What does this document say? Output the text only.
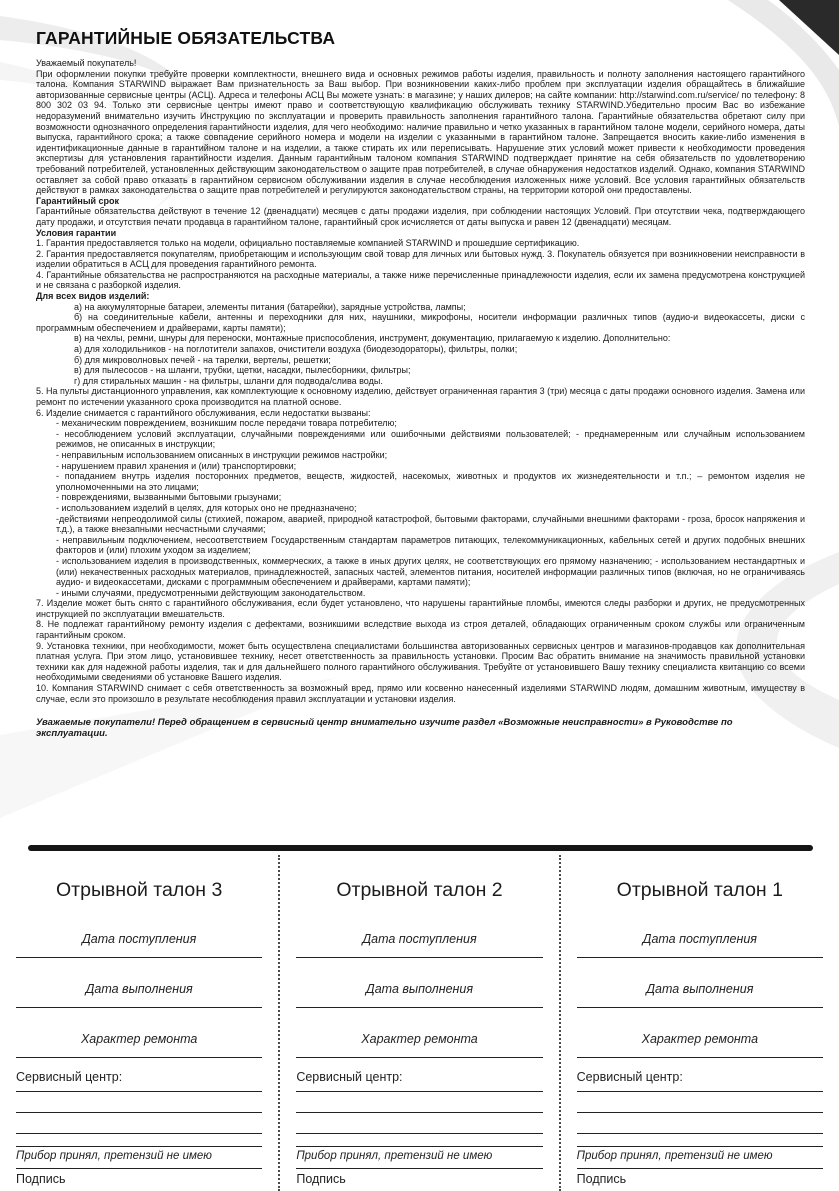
ГАРАНТИЙНЫЕ ОБЯЗАТЕЛЬСТВА

Уважаемый покупатель!

При оформлении покупки требуйте проверки комплектности, внешнего вида и основных режимов работы изделия, правильность и полноту заполнения настоящего гарантийного талона. Компания STARWIND выражает Вам признательность за Ваш выбор. При возникновении каких-либо проблем при эксплуатации изделия обращайтесь в ближайшие авторизованные сервисные центры (АСЦ). Адреса и телефоны АСЦ Вы можете узнать: в магазине; у наших дилеров; на сайте компании: http://starwind.com.ru/service/ по телефону: 8 800 302 03 94. Только эти сервисные центры имеют право и соответствующую квалификацию обслуживать технику STARWIND.Убедительно просим Вас во избежание недоразумений внимательно изучить Инструкцию по эксплуатации и проверить правильность заполнения гарантийного талона. Гарантийные обязательства обретают силу при возможности однозначного определения гарантийности изделия, для чего необходимо: наличие правильно и четко указанных в гарантийном талоне модели, серийного номера, даты выпуска, гарантийного срока; а также совпадение серийного номера и модели на изделии с указанными в гарантийном талоне. Запрещается вносить какие-либо изменения в идентификационные данные в гарантийном талоне и на изделии, а также стирать их или переписывать. Нарушение этих условий может привести к необходимости проведения экспертизы для установления гарантийности изделия. Данным гарантийным талоном компания STARWIND подтверждает принятие на себя обязательств по удовлетворению требований потребителей, установленных действующим законодательством о защите прав потребителей, в случае обнаружения недостатков изделий. Однако, компания STARWIND оставляет за собой право отказать в гарантийном сервисном обслуживании изделия в случае несоблюдения изложенных ниже условий. Все условия гарантийных обязательств действуют в рамках законодательства о защите прав потребителей и регулируются законодательством страны, на территории которой они предоставлены.

Гарантийный срок

Гарантийные обязательства действуют в течение 12 (двенадцати) месяцев с даты продажи изделия, при соблюдении настоящих Условий. При отсутствии чека, подтверждающего дату продажи, и отсутствия печати продавца в гарантийном талоне, гарантийный срок исчисляется от даты выпуска и равен 12 (двенадцати) месяцам.

Условия гарантии

1. Гарантия предоставляется только на модели, официально поставляемые компанией STARWIND и прошедшие сертификацию.

2. Гарантия предоставляется покупателям, приобретающим и использующим свой товар для личных или бытовых нужд. 3. Покупатель обязуется при возникновении неисправности в изделии обратиться в АСЦ для проведения гарантийного ремонта.

4. Гарантийные обязательства не распространяются на расходные материалы, а также ниже перечисленные принадлежности изделия, если их замена предусмотрена конструкцией и не связана с разборкой изделия.

Для всех видов изделий:

а) на аккумуляторные батареи, элементы питания (батарейки), зарядные устройства, лампы;

б) на соединительные кабели, антенны и переходники для них, наушники, микрофоны, носители информации различных типов (аудио-и видеокассеты, диски с программным обеспечением и драйверами, карты памяти);

в) на чехлы, ремни, шнуры для переноски, монтажные приспособления, инструмент, документацию, прилагаемую к изделию. Дополнительно:

а) для холодильников - на поглотители запахов, очистители воздуха (биодезодораторы), фильтры, полки;

б) для микроволновых печей - на тарелки, вертелы, решетки;

в) для пылесосов - на шланги, трубки, щетки, насадки, пылесборники, фильтры;

г) для стиральных машин - на фильтры, шланги для подвода/слива воды.

5. На пульты дистанционного управления, как комплектующие к основному изделию, действует ограниченная гарантия 3 (три) месяца с даты продажи основного изделия. Замена или ремонт по истечении указанного срока производится на платной основе.

6. Изделие снимается с гарантийного обслуживания, если недостатки вызваны:

- механическим повреждением, возникшим после передачи товара потребителю;

- несоблюдением условий эксплуатации, случайными повреждениями или ошибочными действиями пользователей; - преднамеренным или случайным использованием режимов, не описанных в инструкции;

- неправильным использованием описанных в инструкции режимов настройки;

- нарушением правил хранения и (или) транспортировки;

- попаданием внутрь изделия посторонних предметов, веществ, жидкостей, насекомых, животных и продуктов их жизнедеятельности и т.п.; – ремонтом изделия не уполномоченными на это лицами;

- повреждениями, вызванными бытовыми грызунами;

- использованием изделий в целях, для которых оно не предназначено;

-действиями непреодолимой силы (стихией, пожаром, аварией, природной катастрофой, бытовыми факторами, случайными внешними факторами - гроза, бросок напряжения и т.д.), а также внезапными несчастными случаями;

- неправильным подключением, несоответствием Государственным стандартам параметров питающих, телекоммуникационных, кабельных сетей и других подобных внешних факторов и (или) плохим уходом за изделием;

- использованием изделия в производственных, коммерческих, а также в иных других целях, не соответствующих его прямому назначению; - использованием нестандартных и (или) некачественных расходных материалов, принадлежностей, запасных частей, элементов питания, носителей информации различных типов (включая, но не ограничиваясь аудио- и видеокассетами, дисками с программным обеспечением и драйверами, картами памяти);

- иными случаями, предусмотренными действующим законодательством.

7. Изделие может быть снято с гарантийного обслуживания, если будет установлено, что нарушены гарантийные пломбы, имеются следы разборки и других, не предусмотренных инструкцией по эксплуатации вмешательств.

8. Не подлежат гарантийному ремонту изделия с дефектами, возникшими вследствие выхода из строя деталей, обладающих ограниченным сроком службы или ограниченным гарантийным сроком.

9. Установка техники, при необходимости, может быть осуществлена специалистами большинства авторизованных сервисных центров и магазинов-продавцов как дополнительная платная услуга. При этом лицо, установившее технику, несет ответственность за правильность установки. Просим Вас обратить внимание на значимость правильной установки техники как для надежной работы изделия, так и для дальнейшего полного гарантийного обслуживания. Требуйте от установившего Вашу технику специалиста квитанцию со всеми необходимыми сведениями об установке Вашего изделия.

10. Компания STARWIND снимает с себя ответственность за возможный вред, прямо или косвенно нанесенный изделиями STARWIND людям, домашним животным, имуществу в случае, если это произошло в результате несоблюдения правил эксплуатации и установки изделия.

Уважаемые покупатели! Перед обращением в сервисный центр внимательно изучите раздел «Возможные неисправности» в Руководстве по эксплуатации.

Отрывной талон 3
Дата поступления
Дата выполнения
Характер ремонта
Сервисный центр:
Прибор принял, претензий не имею
Подпись
Отрывной талон 2
Дата поступления
Дата выполнения
Характер ремонта
Сервисный центр:
Прибор принял, претензий не имею
Подпись
Отрывной талон 1
Дата поступления
Дата выполнения
Характер ремонта
Сервисный центр:
Прибор принял, претензий не имею
Подпись
